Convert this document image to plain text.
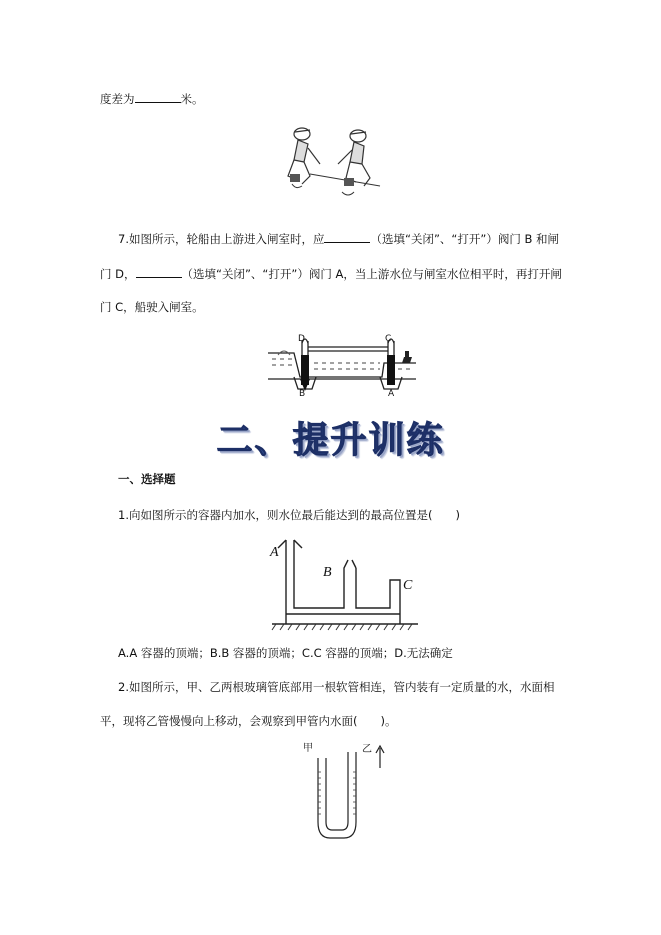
度差为	米。
7.如图所示，轮船由上游进入闸室时，应	（选填“关闭”、“打开”）阀门 B 和闸
门 D，	（选填“关闭”、“打开”）阀门 A，当上游水位与闸室水位相平时，再打开闸
门 C，船驶入闸室。
D	C
B	A
二、提升训练
一、选择题
1.向如图所示的容器内加水，则水位最后能达到的最高位置是(　　)
A
B
C
A.A 容器的顶端；B.B 容器的顶端；C.C 容器的顶端；D.无法确定
2.如图所示，甲、乙两根玻璃管底部用一根软管相连，管内装有一定质量的水，水面相
平，现将乙管慢慢向上移动，会观察到甲管内水面(　　)。
甲	乙
